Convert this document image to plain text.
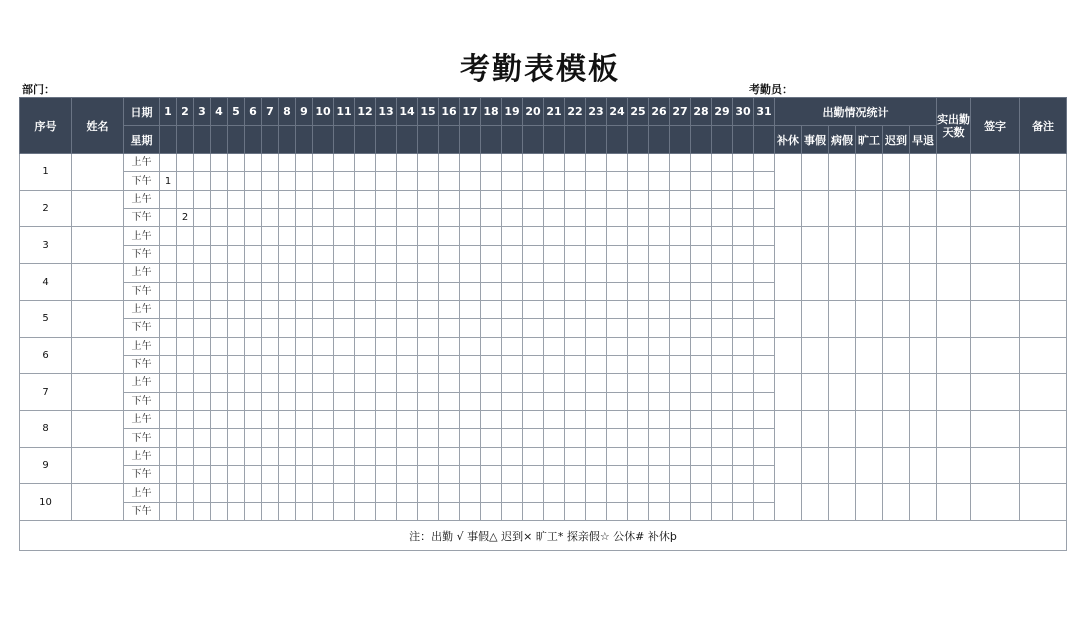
考勤表模板
部门：	考勤员：
序号	姓名	日期	1	2	3	4	5	6	7	8	9	10	11	12	13	14	15	16	17	18	19	20	21	22	23	24	25	26	27	28	29	30	31	出勤情况统计						实出勤天数	签字	备注
		星期																																补休	事假	病假	旷工	迟到	早退			
1		上午																																								
		下午	1																																							
2		上午																																								
		下午		2																																						
3		上午																																								
		下午																																								
4		上午																																								
		下午																																								
5		上午																																								
		下午																																								
6		上午																																								
		下午																																								
7		上午																																								
		下午																																								
8		上午																																								
		下午																																								
9		上午																																								
		下午																																								
10		上午																																								
		下午																																								
注：出勤 √ 事假△ 迟到× 旷工* 探亲假☆ 公休# 补休þ																																										
